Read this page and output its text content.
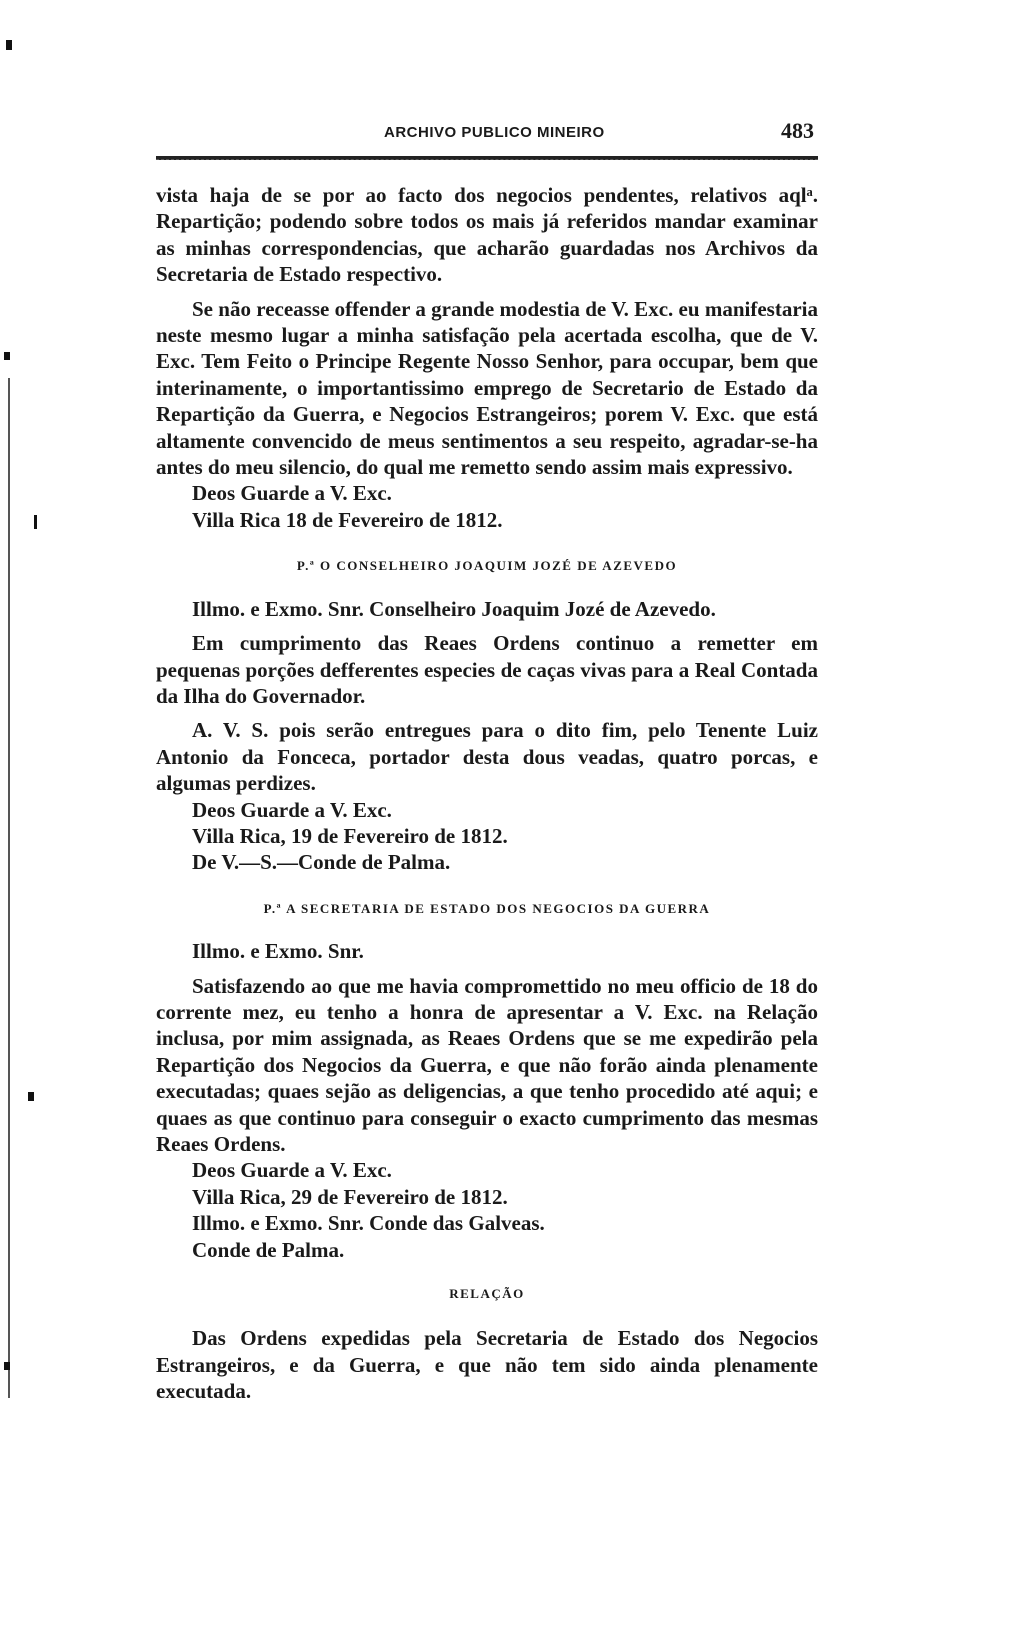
ARCHIVO PUBLICO MINEIRO	483

vista haja de se por ao facto dos negocios pendentes, relativos aqlᵃ. Repartição; podendo sobre todos os mais já referidos mandar examinar as minhas correspondencias, que acharão guardadas nos Archivos da Secretaria de Estado respectivo.

Se não receasse offender a grande modestia de V. Exc. eu manifestaria neste mesmo lugar a minha satisfação pela acertada escolha, que de V. Exc. Tem Feito o Principe Regente Nosso Senhor, para occupar, bem que interinamente, o importantissimo emprego de Secretario de Estado da Repartição da Guerra, e Negocios Estrangeiros; porem V. Exc. que está altamente convencido de meus sentimentos a seu respeito, agradar-se-ha antes do meu silencio, do qual me remetto sendo assim mais expressivo.

Deos Guarde a V. Exc.

Villa Rica 18 de Fevereiro de 1812.

P.ª O CONSELHEIRO JOAQUIM JOZÉ DE AZEVEDO

Illmo. e Exmo. Snr. Conselheiro Joaquim Jozé de Azevedo.

Em cumprimento das Reaes Ordens continuo a remetter em pequenas porções defferentes especies de caças vivas para a Real Contada da Ilha do Governador.

A. V. S. pois serão entregues para o dito fim, pelo Tenente Luiz Antonio da Fonceca, portador desta dous veadas, quatro porcas, e algumas perdizes.

Deos Guarde a V. Exc.

Villa Rica, 19 de Fevereiro de 1812.

De V.—S.—Conde de Palma.

P.ª A SECRETARIA DE ESTADO DOS NEGOCIOS DA GUERRA

Illmo. e Exmo. Snr.

Satisfazendo ao que me havia compromettido no meu officio de 18 do corrente mez, eu tenho a honra de apresentar a V. Exc. na Relação inclusa, por mim assignada, as Reaes Ordens que se me expedirão pela Repartição dos Negocios da Guerra, e que não forão ainda plenamente executadas; quaes sejão as deligencias, a que tenho procedido até aqui; e quaes as que continuo para conseguir o exacto cumprimento das mesmas Reaes Ordens.

Deos Guarde a V. Exc.

Villa Rica, 29 de Fevereiro de 1812.

Illmo. e Exmo. Snr. Conde das Galveas.

Conde de Palma.

RELAÇÃO

Das Ordens expedidas pela Secretaria de Estado dos Negocios Estrangeiros, e da Guerra, e que não tem sido ainda plenamente executada.
